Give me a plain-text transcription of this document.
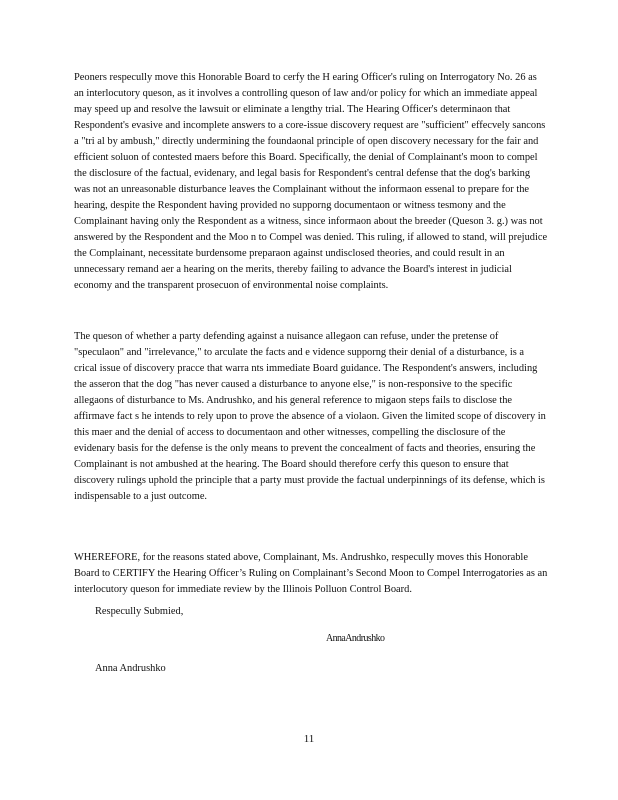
Peoners respecully move this Honorable Board to cerfy the H earing Officer's ruling on Interrogatory No. 26 as an interlocutory queson, as it involves a controlling queson of law and/or policy for which an immediate appeal may speed up and resolve the lawsuit or eliminate a lengthy trial. The Hearing Officer's determinaon that Respondent's evasive and incomplete answers to a core-issue discovery request are "sufficient" effecvely sancons a "tri al by ambush," directly undermining the foundaonal principle of open discovery necessary for the fair and efficient soluon of contested maers before this Board. Specifically, the denial of Complainant's moon to compel the disclosure of the factual, evidenary, and legal basis for Respondent's central defense that the dog's barking was not an unreasonable disturbance leaves the Complainant without the informaon essenal to prepare for the hearing, despite the Respondent having provided no supporng documentaon or witness tesmony and the Complainant having only the Respondent as a witness, since informaon about the breeder (Queson 3. g.) was not answered by the Respondent and the Moo n to Compel was denied. This ruling, if allowed to stand, will prejudice the Complainant, necessitate burdensome preparaon against undisclosed theories, and could result in an unnecessary remand aer a hearing on the merits, thereby failing to advance the Board's interest in judicial economy and the transparent prosecuon of environmental noise complaints.

The queson of whether a party defending against a nuisance allegaon can refuse, under the pretense of "speculaon" and "irrelevance," to arculate the facts and e vidence supporng their denial of a disturbance, is a crical issue of discovery pracce that warra nts immediate Board guidance. The Respondent's answers, including the asseron that the dog "has never caused a disturbance to anyone else," is non-responsive to the specific allegaons of disturbance to Ms. Andrushko, and his general reference to migaon steps fails to disclose the affirmave fact s he intends to rely upon to prove the absence of a violaon. Given the limited scope of discovery in this maer and the denial of access to documentaon and other witnesses, compelling the disclosure of the evidenary basis for the defense is the only means to prevent the concealment of facts and theories, ensuring the Complainant is not ambushed at the hearing. The Board should therefore cerfy this queson to ensure that discovery rulings uphold the principle that a party must provide the factual underpinnings of its defense, which is indispensable to a just outcome.

WHEREFORE, for the reasons stated above, Complainant, Ms. Andrushko, respecully moves this Honorable Board to CERTIFY the Hearing Officer’s Ruling on Complainant’s Second Moon to Compel Interrogatories as an interlocutory queson for immediate review by the Illinois Polluon Control Board.

Respecully Submied,

AnnaAndrushko

Anna Andrushko

11
